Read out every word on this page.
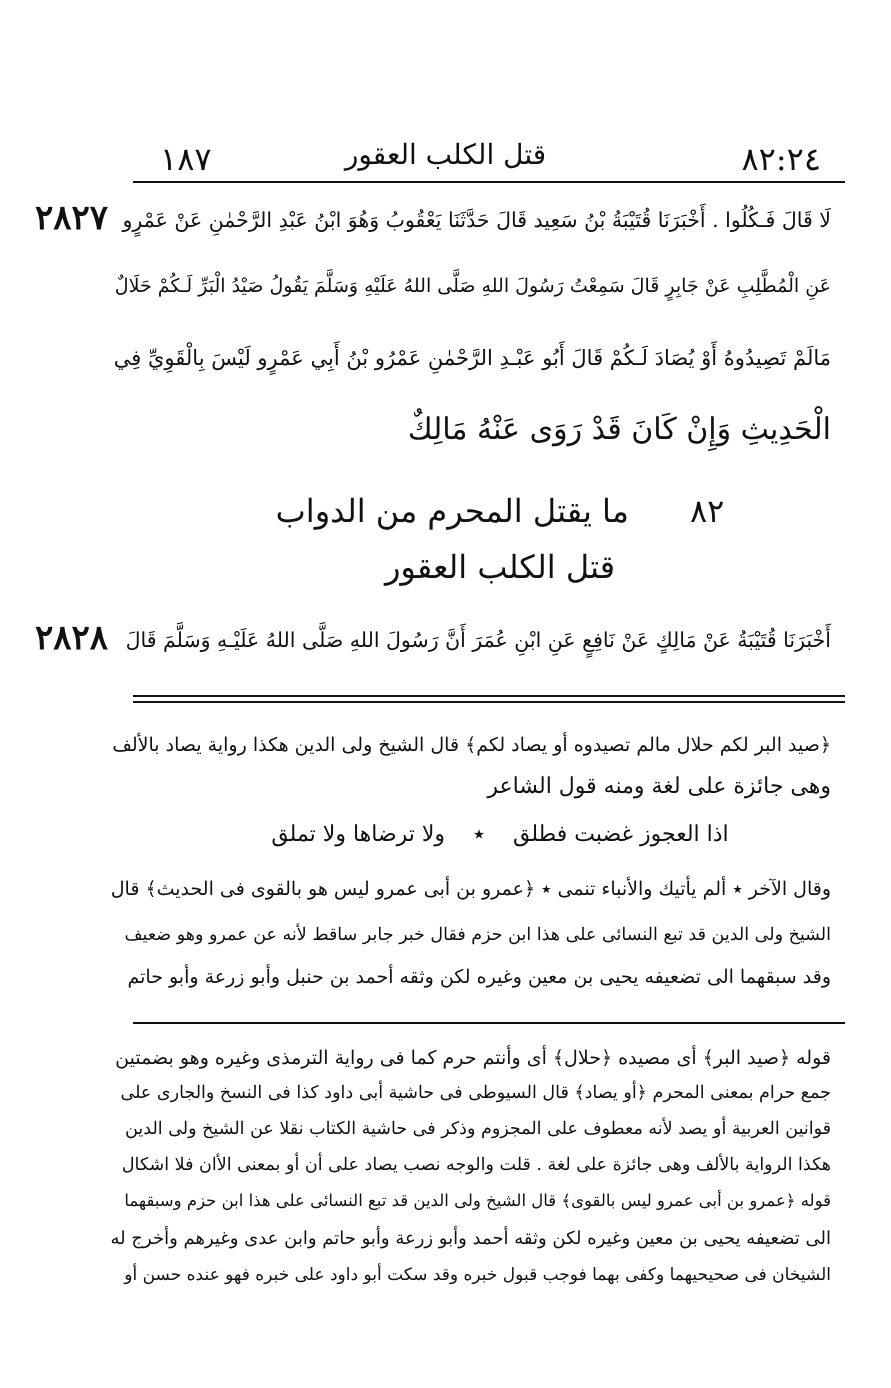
١٨٧	قتل الكلب العقور	٨٢:٢٤
٢٨٢٧ لَا قَالَ فَـكُلُوا . أَخْبَرَنَا قُتَيْبَةُ بْنُ سَعِيد قَالَ حَدَّثَنَا يَعْقُوبُ وَهُوَ ابْنُ عَبْدِ الرَّحْمٰنِ عَنْ عَمْرٍو
عَنِ الْمُطَّلِبِ عَنْ جَابِرٍ قَالَ سَمِعْتُ رَسُولَ اللهِ صَلَّى اللهُ عَلَيْهِ وَسَلَّمَ يَقُولُ صَيْدُ الْبَرِّ لَـكُمْ حَلَالٌ
مَالَمْ تَصِيدُوهُ أَوْ يُصَادَ لَـكُمْ قَالَ أَبُو عَبْـدِ الرَّحْمٰنِ عَمْرُو بْنُ أَبِي عَمْرٍو لَيْسَ بِالْقَوِيِّ فِي
الْحَدِيثِ وَإِنْ كَانَ قَدْ رَوَى عَنْهُ مَالِكٌ
٨٢      ما يقتل المحرم من الدواب
قتل الكلب العقور
٢٨٢٨ أَخْبَرَنَا قُتَيْبَةُ عَنْ مَالِكٍ عَنْ نَافِعٍ عَنِ ابْنِ عُمَرَ أَنَّ رَسُولَ اللهِ صَلَّى اللهُ عَلَيْـهِ وَسَلَّمَ قَالَ
﴿صيد البر لكم حلال مالم تصيدوه أو يصاد لكم﴾ قال الشيخ ولى الدين هكذا رواية يصاد بالألف
وهى جائزة على لغة ومنه قول الشاعر
اذا العجوز غضبت فطلق    ٭    ولا ترضاها ولا تملق
وقال الآخر ٭ ألم يأتيك والأنباء تنمى ٭ ﴿عمرو بن أبى عمرو ليس هو بالقوى فى الحديث﴾ قال
الشيخ ولى الدين قد تبع النسائى على هذا ابن حزم فقال خبر جابر ساقط لأنه عن عمرو وهو ضعيف
وقد سبقهما الى تضعيفه يحيى بن معين وغيره لكن وثقه أحمد بن حنبل وأبو زرعة وأبو حاتم
قوله ﴿صيد البر﴾ أى مصيده ﴿حلال﴾ أى وأنتم حرم كما فى رواية الترمذى وغيره وهو بضمتين
جمع حرام بمعنى المحرم ﴿أو يصاد﴾ قال السيوطى فى حاشية أبى داود كذا فى النسخ والجارى على
قوانين العربية أو يصد لأنه معطوف على المجزوم وذكر فى حاشية الكتاب نقلا عن الشيخ ولى الدين
هكذا الرواية بالألف وهى جائزة على لغة . قلت والوجه نصب يصاد على أن أو بمعنى الأان فلا اشكال
قوله ﴿عمرو بن أبى عمرو ليس بالقوى﴾ قال الشيخ ولى الدين قد تبع النسائى على هذا ابن حزم وسبقهما
الى تضعيفه يحيى بن معين وغيره لكن وثقه أحمد وأبو زرعة وأبو حاتم وابن عدى وغيرهم وأخرج له
الشيخان فى صحيحيهما وكفى بهما فوجب قبول خبره وقد سكت أبو داود على خبره فهو عنده حسن أو
